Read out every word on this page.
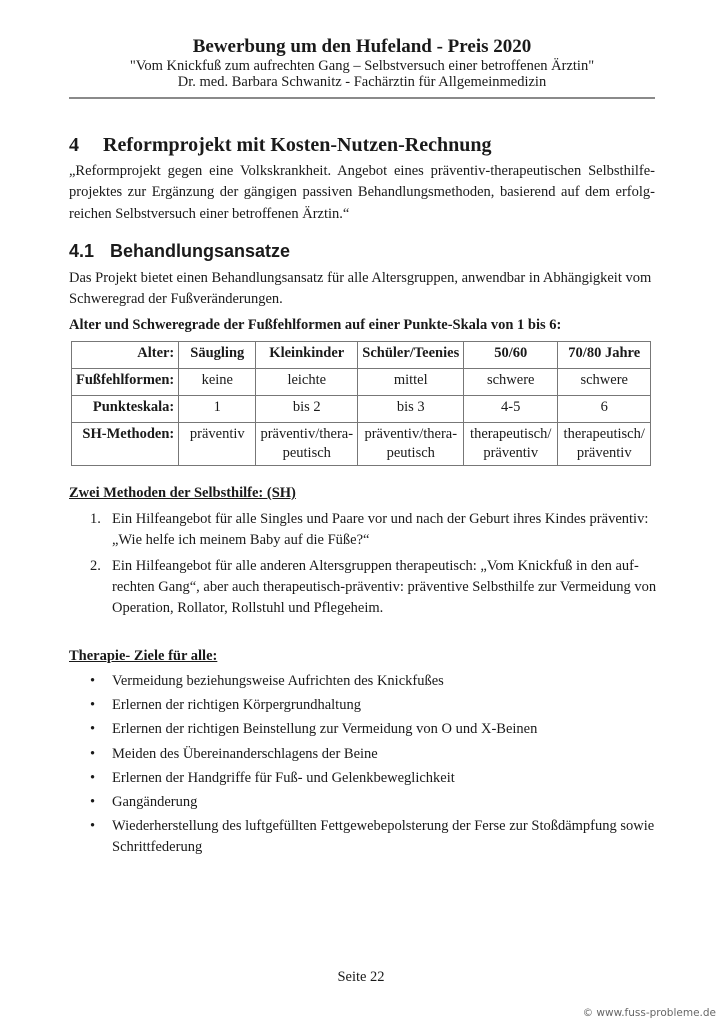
Bewerbung um den Hufeland - Preis 2020
"Vom Knickfuß zum aufrechten Gang – Selbstversuch einer betroffenen Ärztin"
Dr. med. Barbara Schwanitz - Fachärztin für Allgemeinmedizin
4 Reformprojekt mit Kosten-Nutzen-Rechnung
„Reformprojekt gegen eine Volkskrankheit. Angebot eines präventiv-therapeutischen Selbsthilfeprojektes zur Ergänzung der gängigen passiven Behandlungsmethoden, basierend auf dem erfolgreichen Selbstversuch einer betroffenen Ärztin.“
4.1 Behandlungsansatze
Das Projekt bietet einen Behandlungsansatz für alle Altersgruppen, anwendbar in Abhängigkeit vom Schweregrad der Fußveränderungen.
Alter und Schweregrade der Fußfehlformen auf einer Punkte-Skala von 1 bis 6:
Alter:	Säugling	Kleinkinder	Schüler/Teenies	50/60	70/80 Jahre
Fußfehlformen:	keine	leichte	mittel	schwere	schwere
Punkteskala:	1	bis 2	bis 3	4-5	6
SH-Methoden:	präventiv	präventiv/therapeutisch	präventiv/therapeutisch	therapeutisch/ präventiv	therapeutisch/ präventiv
Zwei Methoden der Selbsthilfe: (SH)
1. Ein Hilfeangebot für alle Singles und Paare vor und nach der Geburt ihres Kindes präventiv: „Wie helfe ich meinem Baby auf die Füße?“
2. Ein Hilfeangebot für alle anderen Altersgruppen therapeutisch: „Vom Knickfuß in den aufrechten Gang“, aber auch therapeutisch-präventiv: präventive Selbsthilfe zur Vermeidung von Operation, Rollator, Rollstuhl und Pflegeheim.
Therapie- Ziele für alle:
• Vermeidung beziehungsweise Aufrichten des Knickfußes
• Erlernen der richtigen Körpergrundhaltung
• Erlernen der richtigen Beinstellung zur Vermeidung von O und X-Beinen
• Meiden des Übereinanderschlagens der Beine
• Erlernen der Handgriffe für Fuß- und Gelenkbeweglichkeit
• Gangänderung
• Wiederherstellung des luftgefüllten Fettgewebepolsterung der Ferse zur Stoßdämpfung sowie Schrittfederung
Seite 22
© www.fuss-probleme.de
